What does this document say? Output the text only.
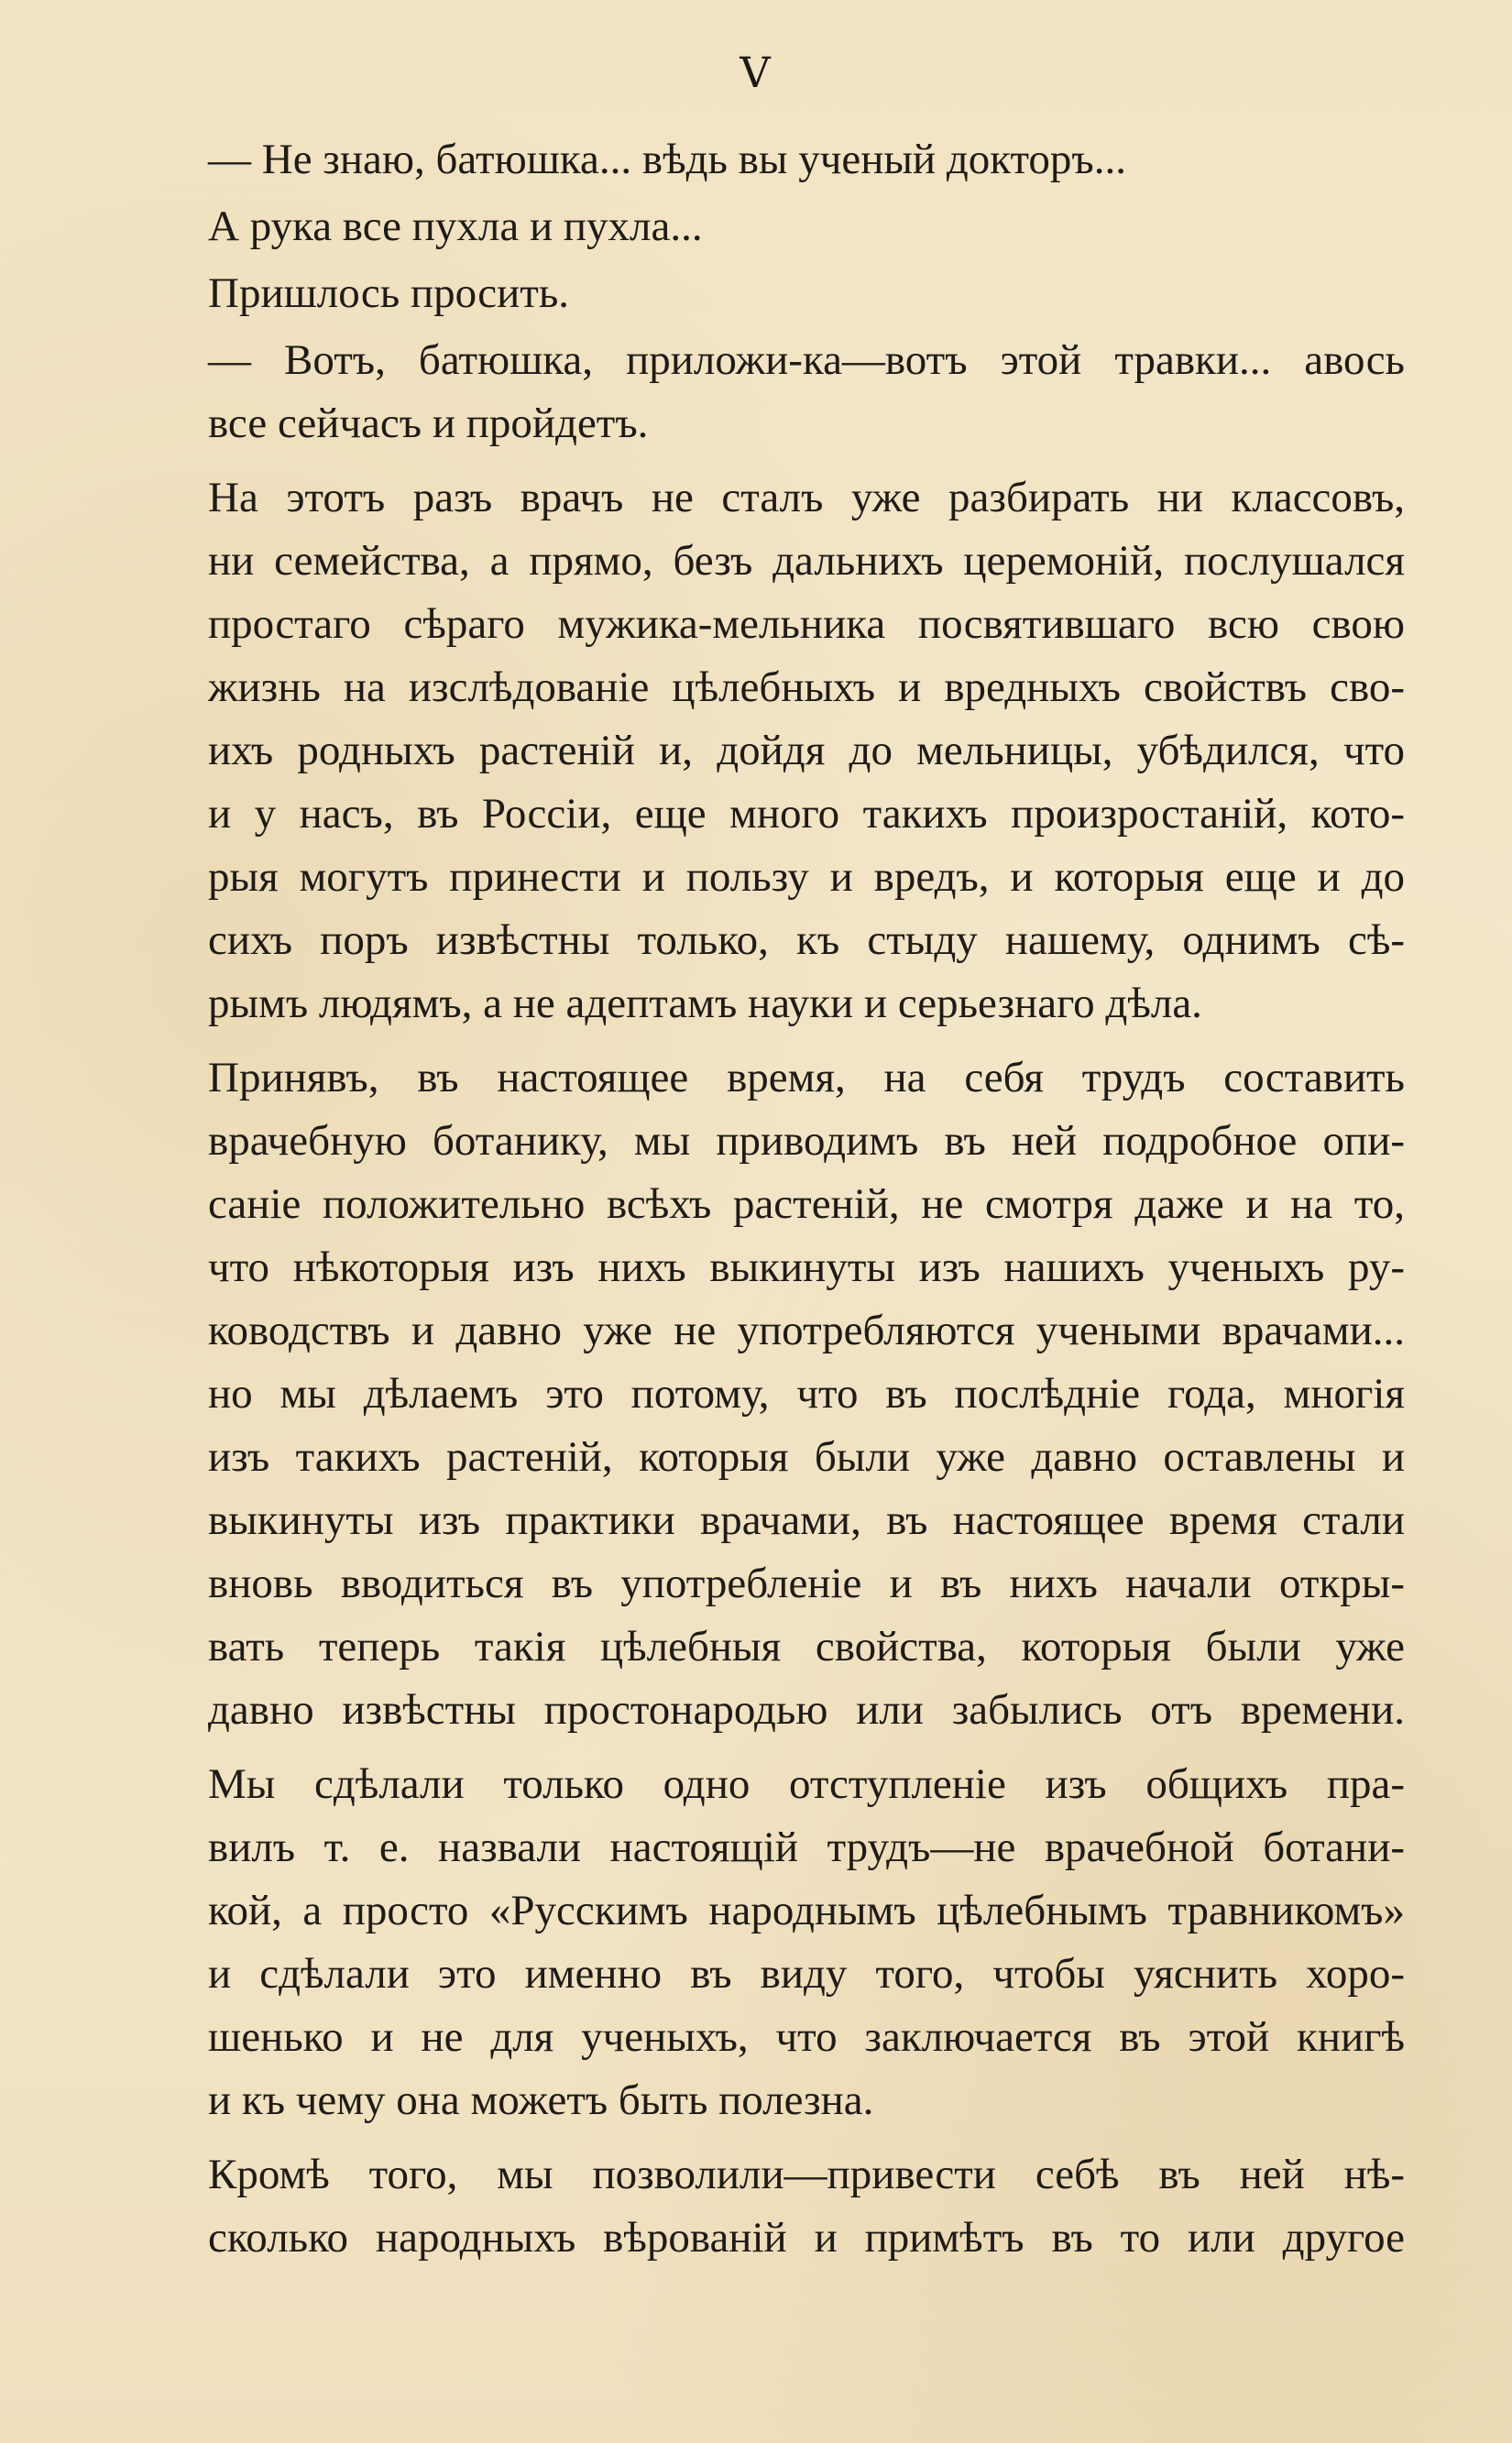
V
— Не знаю, батюшка... вѣдь вы ученый докторъ...
А рука все пухла и пухла...
Пришлось просить.
— Вотъ, батюшка, приложи-ка—вотъ этой травки... авось
все сейчасъ и пройдетъ.
На этотъ разъ врачъ не сталъ уже разбирать ни классовъ,
ни семейства, а прямо, безъ дальнихъ церемоній, послушался
простаго сѣраго мужика-мельника посвятившаго всю свою
жизнь на изслѣдованіе цѣлебныхъ и вредныхъ свойствъ сво-
ихъ родныхъ растеній и, дойдя до мельницы, убѣдился, что
и у насъ, въ Россіи, еще много такихъ произростаній, кото-
рыя могутъ принести и пользу и вредъ, и которыя еще и до
сихъ поръ извѣстны только, къ стыду нашему, однимъ сѣ-
рымъ людямъ, а не адептамъ науки и серьезнаго дѣла.
Принявъ, въ настоящее время, на себя трудъ составить
врачебную ботанику, мы приводимъ въ ней подробное опи-
саніе положительно всѣхъ растеній, не смотря даже и на то,
что нѣкоторыя изъ нихъ выкинуты изъ нашихъ ученыхъ ру-
ководствъ и давно уже не употребляются учеными врачами...
но мы дѣлаемъ это потому, что въ послѣдніе года, многія
изъ такихъ растеній, которыя были уже давно оставлены и
выкинуты изъ практики врачами, въ настоящее время стали
вновь вводиться въ употребленіе и въ нихъ начали откры-
вать теперь такія цѣлебныя свойства, которыя были уже
давно извѣстны простонародью или забылись отъ времени.
Мы сдѣлали только одно отступленіе изъ общихъ пра-
вилъ т. е. назвали настоящій трудъ—не врачебной ботани-
кой, а просто «Русскимъ народнымъ цѣлебнымъ травникомъ»
и сдѣлали это именно въ виду того, чтобы уяснить хоро-
шенько и не для ученыхъ, что заключается въ этой книгѣ
и къ чему она можетъ быть полезна.
Кромѣ того, мы позволили—привести себѣ въ ней нѣ-
сколько народныхъ вѣрованій и примѣтъ въ то или другое
